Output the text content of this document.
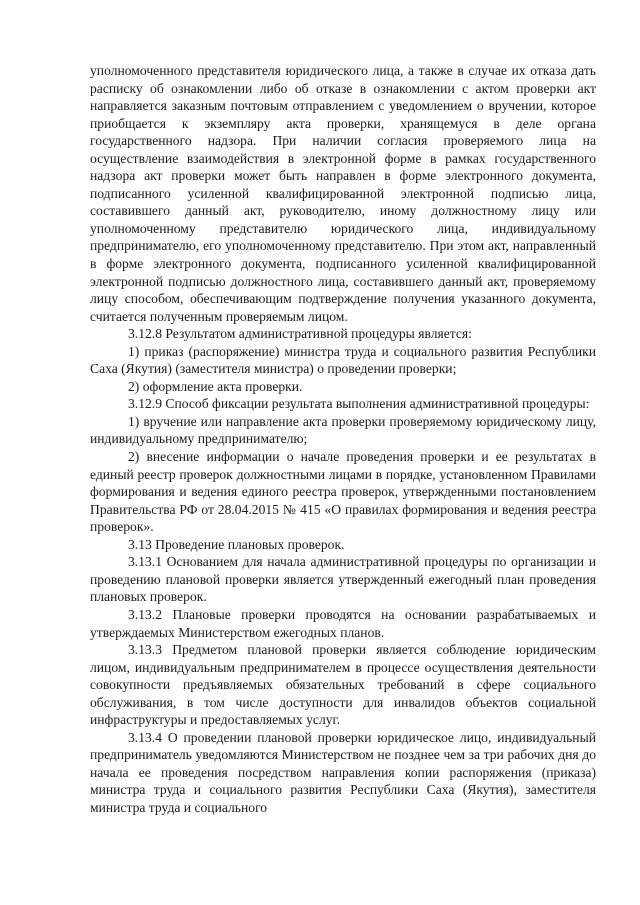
уполномоченного представителя юридического лица, а также в случае их отказа дать расписку об ознакомлении либо об отказе в ознакомлении с актом проверки акт направляется заказным почтовым отправлением с уведомлением о вручении, которое приобщается к экземпляру акта проверки, хранящемуся в деле органа государственного надзора. При наличии согласия проверяемого лица на осуществление взаимодействия в электронной форме в рамках государственного надзора акт проверки может быть направлен в форме электронного документа, подписанного усиленной квалифицированной электронной подписью лица, составившего данный акт, руководителю, иному должностному лицу или уполномоченному представителю юридического лица, индивидуальному предпринимателю, его уполномоченному представителю. При этом акт, направленный в форме электронного документа, подписанного усиленной квалифицированной электронной подписью должностного лица, составившего данный акт, проверяемому лицу способом, обеспечивающим подтверждение получения указанного документа, считается полученным проверяемым лицом.

3.12.8 Результатом административной процедуры является:

1) приказ (распоряжение) министра труда и социального развития Республики Саха (Якутия) (заместителя министра) о проведении проверки;

2) оформление акта проверки.

3.12.9 Способ фиксации результата выполнения административной процедуры:

1) вручение или направление акта проверки проверяемому юридическому лицу, индивидуальному предпринимателю;

2) внесение информации о начале проведения проверки и ее результатах в единый реестр проверок должностными лицами в порядке, установленном Правилами формирования и ведения единого реестра проверок, утвержденными постановлением Правительства РФ от 28.04.2015 № 415 «О правилах формирования и ведения реестра проверок».

3.13 Проведение плановых проверок.

3.13.1 Основанием для начала административной процедуры по организации и проведению плановой проверки является утвержденный ежегодный план проведения плановых проверок.

3.13.2 Плановые проверки проводятся на основании разрабатываемых и утверждаемых Министерством ежегодных планов.

3.13.3 Предметом плановой проверки является соблюдение юридическим лицом, индивидуальным предпринимателем в процессе осуществления деятельности совокупности предъявляемых обязательных требований в сфере социального обслуживания, в том числе доступности для инвалидов объектов социальной инфраструктуры и предоставляемых услуг.

3.13.4 О проведении плановой проверки юридическое лицо, индивидуальный предприниматель уведомляются Министерством не позднее чем за три рабочих дня до начала ее проведения посредством направления копии распоряжения (приказа) министра труда и социального развития Республики Саха (Якутия), заместителя министра труда и социального
